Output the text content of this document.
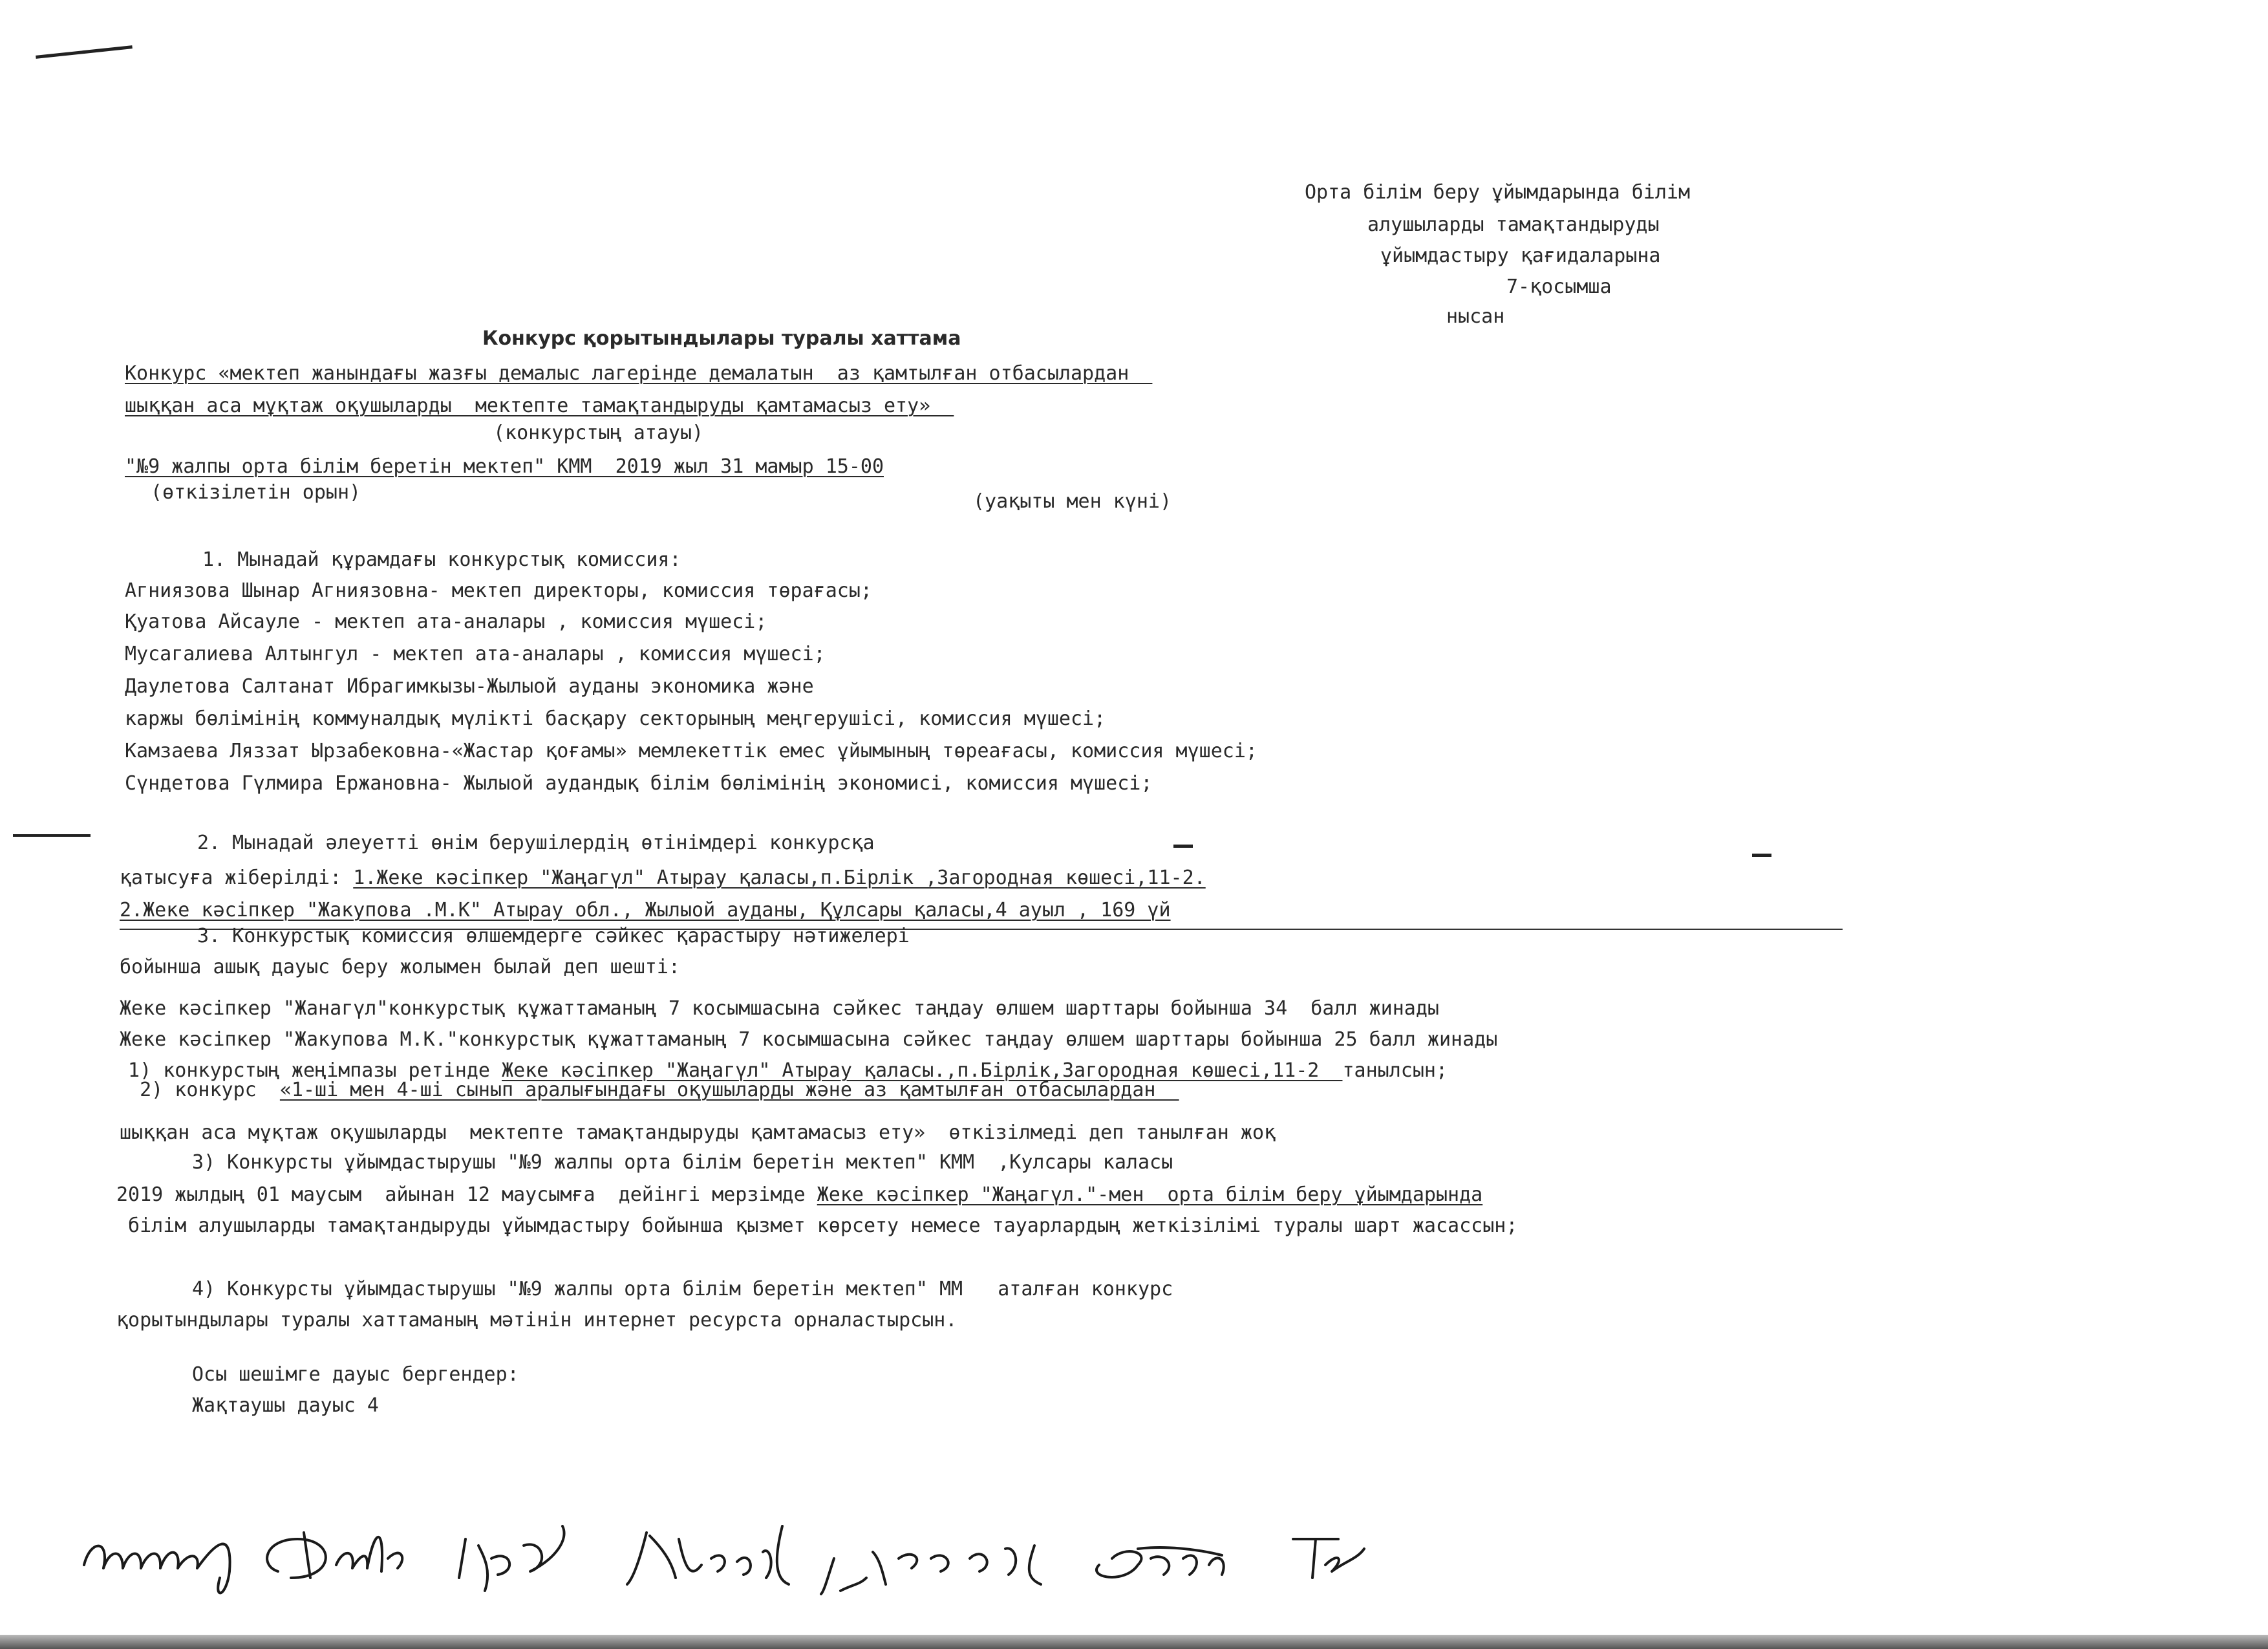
Орта білім беру ұйымдарында білім
алушыларды тамақтандыруды
ұйымдастыру қағидаларына
7-қосымша
нысан
Конкурс қорытындылары туралы хаттама
Конкурс «мектеп жанындағы жазғы демалыс лагерінде демалатын  аз қамтылған отбасылардан
шыққан аса мұқтаж оқушыларды  мектепте тамақтандыруды қамтамасыз ету»
(конкурстың атауы)
"№9 жалпы орта білім беретін мектеп" КММ  2019 жыл 31 мамыр 15-00
(өткізілетін орын)	(уақыты мен күні)
1. Мынадай құрамдағы конкурстық комиссия:
Агниязова Шынар Агниязовна- мектеп директоры, комиссия төрағасы;
Қуатова Айсауле - мектеп ата-аналары , комиссия мүшесі;
Мусагалиева Алтынгул - мектеп ата-аналары , комиссия мүшесі;
Даулетова Салтанат Ибрагимкызы-Жылыой ауданы экономика және
каржы бөлімінің коммуналдық мүлікті басқару секторының меңгерушісі, комиссия мүшесі;
Камзаева Ляззат Ырзабековна-«Жастар қоғамы» мемлекеттік емес ұйымының төреағасы, комиссия мүшесі;
Сүндетова Гүлмира Ержановна- Жылыой аудандық білім бөлімінің экономисі, комиссия мүшесі;
2. Мынадай әлеуетті өнім берушілердің өтінімдері конкурсқа
қатысуға жіберілді: 1.Жеке кәсіпкер "Жаңагүл" Атырау қаласы,п.Бірлік ,Загородная көшесі,11-2.
2.Жеке кәсіпкер "Жакупова .М.К" Атырау обл., Жылыой ауданы, Құлсары қаласы,4 ауыл , 169 үй
3. Конкурстық комиссия өлшемдерге сәйкес қарастыру нәтижелері
бойынша ашық дауыс беру жолымен былай деп шешті:
Жеке кәсіпкер "Жанагүл"конкурстық құжаттаманың 7 косымшасына сәйкес таңдау өлшем шарттары бойынша 34  балл жинады
Жеке кәсіпкер "Жакупова М.К."конкурстық құжаттаманың 7 косымшасына сәйкес таңдау өлшем шарттары бойынша 25 балл жинады
1) конкурстың жеңімпазы ретінде Жеке кәсіпкер "Жаңагүл" Атырау қаласы.,п.Бірлік,Загородная көшесі,11-2  танылсын;
2) конкурс  «1-ші мен 4-ші сынып аралығындағы оқушыларды және аз қамтылған отбасылардан
шыққан аса мұқтаж оқушыларды  мектепте тамақтандыруды қамтамасыз ету»  өткізілмеді деп танылған жоқ
3) Конкурсты ұйымдастырушы "№9 жалпы орта білім беретін мектеп" КММ  ,Кулсары каласы
2019 жылдың 01 маусым  айынан 12 маусымға  дейінгі мерзімде Жеке кәсіпкер "Жаңагүл."-мен  орта білім беру ұйымдарында
білім алушыларды тамақтандыруды ұйымдастыру бойынша қызмет көрсету немесе тауарлардың жеткізілімі туралы шарт жасассын;
4) Конкурсты ұйымдастырушы "№9 жалпы орта білім беретін мектеп" ММ   аталған конкурс
қорытындылары туралы хаттаманың мәтінін интернет ресурста орналастырсын.
Осы шешімге дауыс бергендер:
Жақтаушы дауыс 4
